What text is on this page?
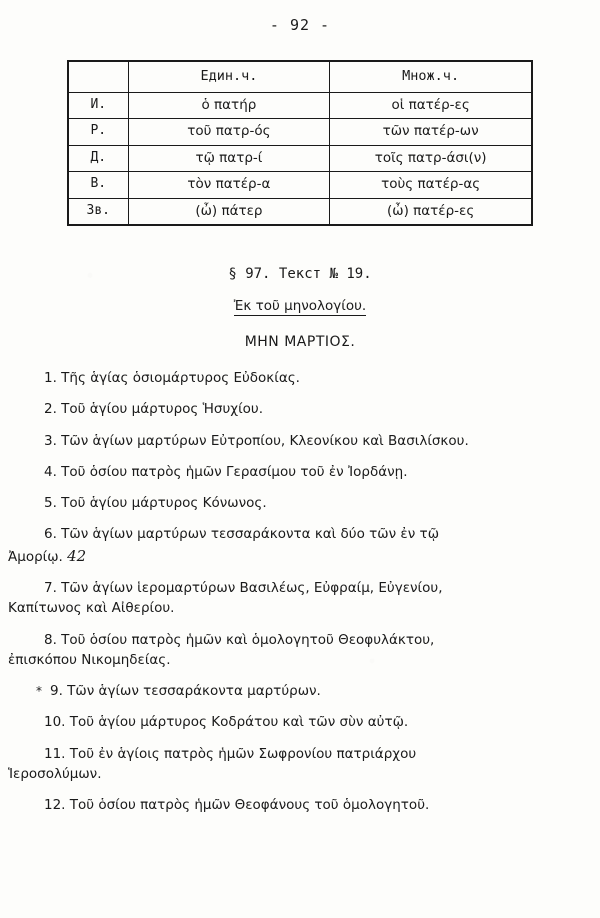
- 92 -
	Един.ч.	Множ.ч.
И.	ὁ πατήρ	οἱ πατέρ-ες
Р.	τοῦ πατρ-ός	τῶν πατέρ-ων
Д.	τῷ πατρ-ί	τοῖς πατρ-άσι(ν)
В.	τὸν πατέρ-α	τοὺς πατέρ-ας
Зв.	(ὦ) πάτερ	(ὦ) πατέρ-ες
§ 97. Текст № 19.
Ἐκ τοῦ μηνολογίου.
ΜΗΝ ΜΑΡΤΙΟΣ.
1. Τῆς ἁγίας ὁσιομάρτυρος Εὐδοκίας.
2. Τοῦ ἁγίου μάρτυρος Ἡσυχίου.
3. Τῶν ἁγίων μαρτύρων Εὐτροπίου, Κλεονίκου καὶ Βασιλίσκου.
4. Τοῦ ὁσίου πατρὸς ἡμῶν Γερασίμου τοῦ ἐν Ἰορδάνῃ.
5. Τοῦ ἁγίου μάρτυρος Κόνωνος.
6. Τῶν ἁγίων μαρτύρων τεσσαράκοντα καὶ δύο τῶν ἐν τῷ
Ἀμορίῳ. 42
7. Τῶν ἁγίων ἱερομαρτύρων Βασιλέως, Εὐφραίμ, Εὐγενίου,
Καπίτωνος καὶ Αἰθερίου.
8. Τοῦ ὁσίου πατρὸς ἡμῶν καὶ ὁμολογητοῦ Θεοφυλάκτου,
ἐπισκόπου Νικομηδείας.
* 9. Τῶν ἁγίων τεσσαράκοντα μαρτύρων.
10. Τοῦ ἁγίου μάρτυρος Κοδράτου καὶ τῶν σὺν αὐτῷ.
11. Τοῦ ἐν ἁγίοις πατρὸς ἡμῶν Σωφρονίου πατριάρχου
Ἱεροσολύμων.
12. Τοῦ ὁσίου πατρὸς ἡμῶν Θεοφάνους τοῦ ὁμολογητοῦ.
